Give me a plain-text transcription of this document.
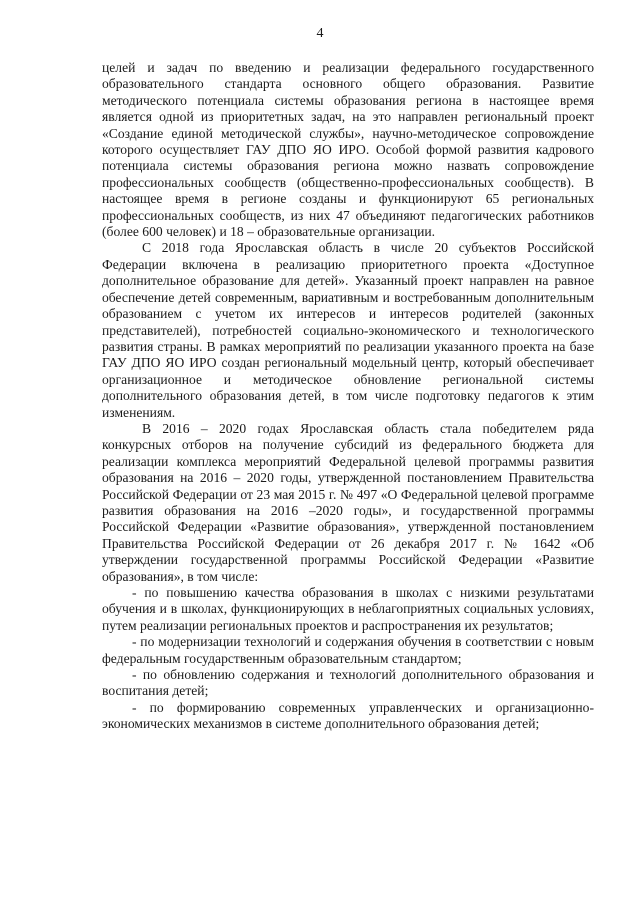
4

целей и задач по введению и реализации федерального государственного образовательного стандарта основного общего образования. Развитие методического потенциала системы образования региона в настоящее время является одной из приоритетных задач, на это направлен региональный проект «Создание единой методической службы», научно-методическое сопровождение которого осуществляет ГАУ ДПО ЯО ИРО. Особой формой развития кадрового потенциала системы образования региона можно назвать сопровождение профессиональных сообществ (общественно-профессиональных сообществ). В настоящее время в регионе созданы и функционируют 65 региональных профессиональных сообществ, из них 47 объединяют педагогических работников (более 600 человек) и 18 – образовательные организации.

С 2018 года Ярославская область в числе 20 субъектов Российской Федерации включена в реализацию приоритетного проекта «Доступное дополнительное образование для детей». Указанный проект направлен на равное обеспечение детей современным, вариативным и востребованным дополнительным образованием с учетом их интересов и интересов родителей (законных представителей), потребностей социально-экономического и технологического развития страны. В рамках мероприятий по реализации указанного проекта на базе ГАУ ДПО ЯО ИРО создан региональный модельный центр, который обеспечивает организационное и методическое обновление региональной системы дополнительного образования детей, в том числе подготовку педагогов к этим изменениям.

В 2016 – 2020 годах Ярославская область стала победителем ряда конкурсных отборов на получение субсидий из федерального бюджета для реализации комплекса мероприятий Федеральной целевой программы развития образования на 2016 – 2020 годы, утвержденной постановлением Правительства Российской Федерации от 23 мая 2015 г. № 497 «О Федеральной целевой программе развития образования на 2016 –2020 годы», и государственной программы Российской Федерации «Развитие образования», утвержденной постановлением Правительства Российской Федерации от 26 декабря 2017 г. № 1642 «Об утверждении государственной программы Российской Федерации «Развитие образования», в том числе:

- по повышению качества образования в школах с низкими результатами обучения и в школах, функционирующих в неблагоприятных социальных условиях, путем реализации региональных проектов и распространения их результатов;

- по модернизации технологий и содержания обучения в соответствии с новым федеральным государственным образовательным стандартом;

- по обновлению содержания и технологий дополнительного образования и воспитания детей;

- по формированию современных управленческих и организационно-экономических механизмов в системе дополнительного образования детей;
